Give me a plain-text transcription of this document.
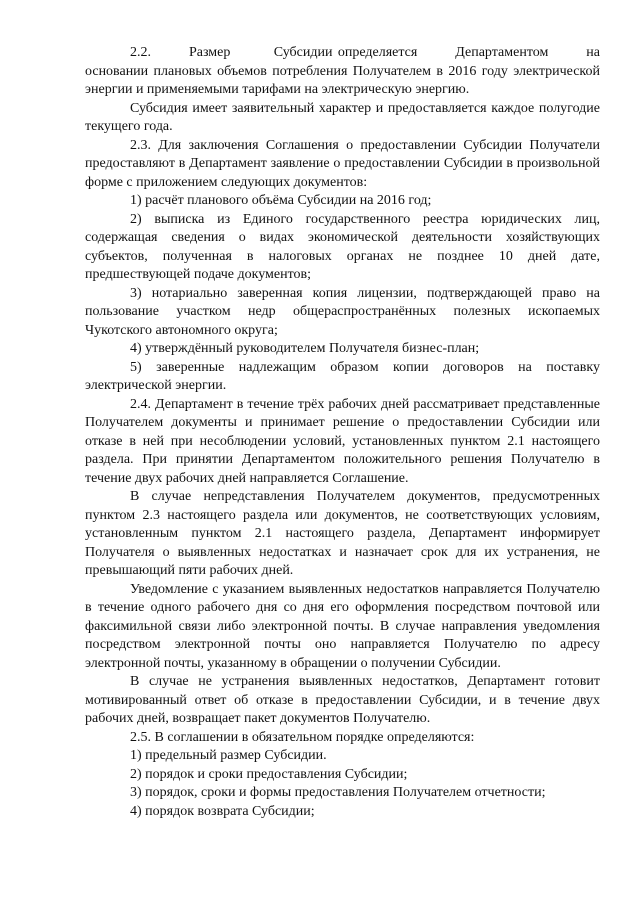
2.2.       Размер        Субсидии определяется       Департаментом       на основании плановых объемов потребления Получателем в 2016 году электрической энергии и применяемыми тарифами на электрическую энергию.

Субсидия имеет заявительный характер и предоставляется каждое полугодие текущего года.

2.3. Для заключения Соглашения о предоставлении Субсидии Получатели предоставляют в Департамент заявление о предоставлении Субсидии в произвольной форме с приложением следующих документов:

1) расчёт планового объёма Субсидии на 2016 год;

2) выписка из Единого государственного реестра юридических лиц, содержащая сведения о видах экономической деятельности хозяйствующих субъектов, полученная в налоговых органах не позднее 10 дней дате, предшествующей подаче документов;

3) нотариально заверенная копия лицензии, подтверждающей право на пользование участком недр общераспространённых полезных ископаемых Чукотского автономного округа;

4) утверждённый руководителем Получателя бизнес-план;

5) заверенные надлежащим образом копии договоров на поставку электрической энергии.

2.4. Департамент в течение трёх рабочих дней рассматривает представленные Получателем документы и принимает решение о предоставлении Субсидии или отказе в ней при несоблюдении условий, установленных пунктом 2.1 настоящего раздела. При принятии Департаментом положительного решения Получателю в течение двух рабочих дней направляется Соглашение.

В случае непредставления Получателем документов, предусмотренных пунктом 2.3 настоящего раздела или документов, не соответствующих условиям, установленным пунктом 2.1 настоящего раздела, Департамент информирует Получателя о выявленных недостатках и назначает срок для их устранения, не превышающий пяти рабочих дней.

Уведомление с указанием выявленных недостатков направляется Получателю в течение одного рабочего дня со дня его оформления посредством почтовой или факсимильной связи либо электронной почты. В случае направления уведомления посредством электронной почты оно направляется Получателю по адресу электронной почты, указанному в обращении о получении Субсидии.

В случае не устранения выявленных недостатков, Департамент готовит мотивированный ответ об отказе в предоставлении Субсидии, и в течение двух рабочих дней, возвращает пакет документов Получателю.

2.5. В соглашении в обязательном порядке определяются:

1) предельный размер Субсидии.

2) порядок и сроки предоставления Субсидии;

3) порядок, сроки и формы предоставления Получателем отчетности;

4) порядок возврата Субсидии;
